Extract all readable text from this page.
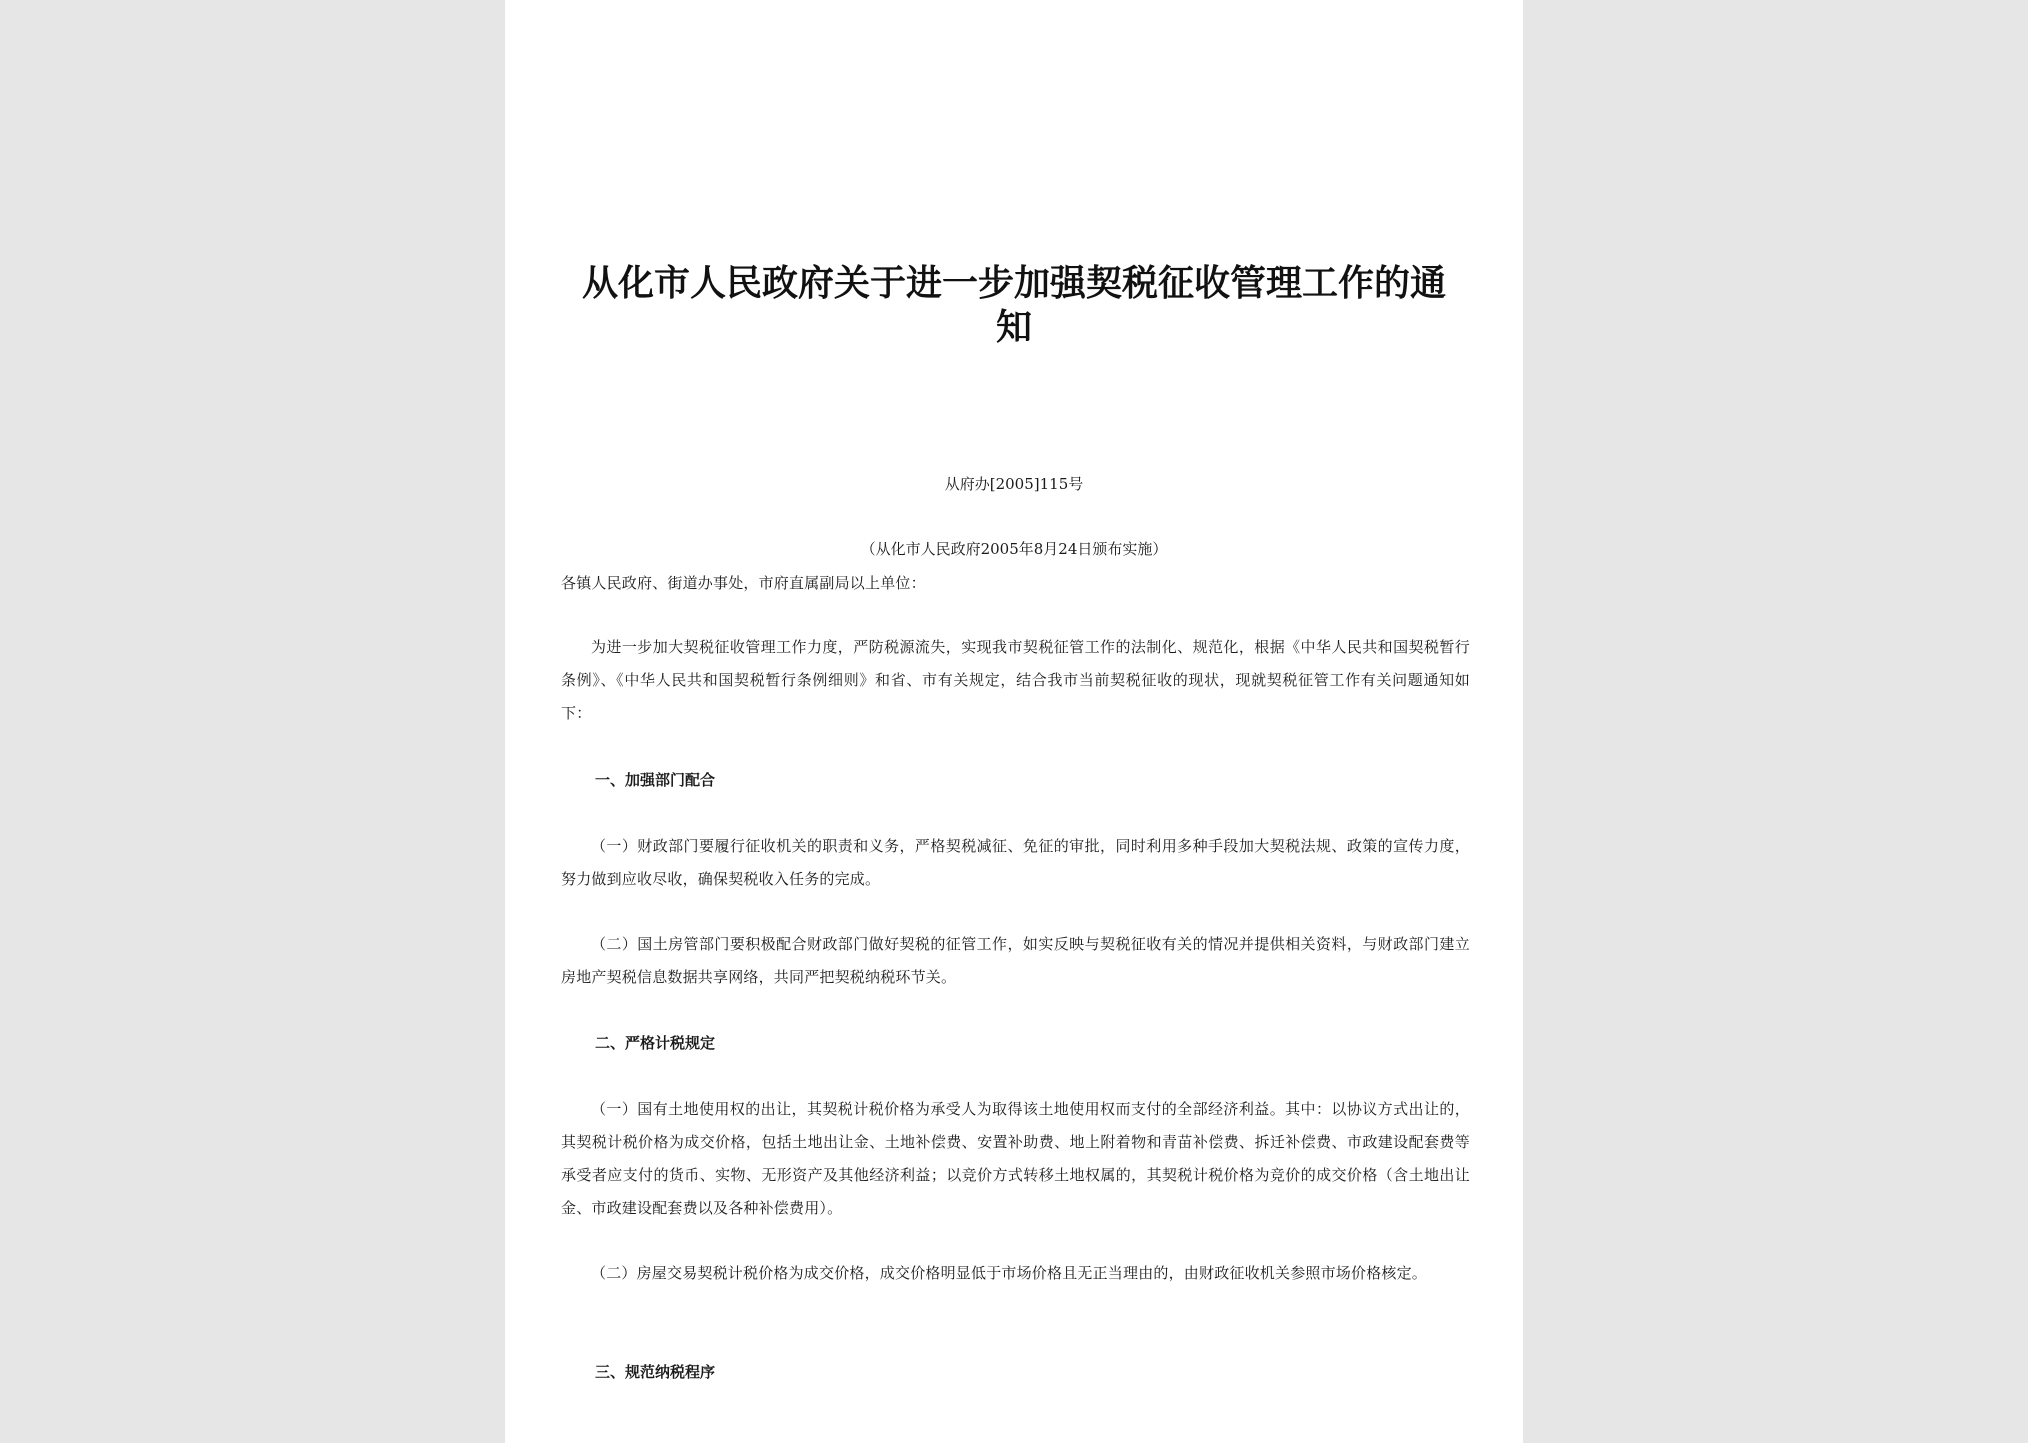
从化市人民政府关于进一步加强契税征收管理工作的通知
从府办[2005]115号
（从化市人民政府2005年8月24日颁布实施）

各镇人民政府、街道办事处，市府直属副局以上单位：

为进一步加大契税征收管理工作力度，严防税源流失，实现我市契税征管工作的法制化、规范化，根据《中华人民共和国契税暂行条例》、《中华人民共和国契税暂行条例细则》和省、市有关规定，结合我市当前契税征收的现状，现就契税征管工作有关问题通知如下：

一、加强部门配合

（一）财政部门要履行征收机关的职责和义务，严格契税减征、免征的审批，同时利用多种手段加大契税法规、政策的宣传力度，努力做到应收尽收，确保契税收入任务的完成。

（二）国土房管部门要积极配合财政部门做好契税的征管工作，如实反映与契税征收有关的情况并提供相关资料，与财政部门建立房地产契税信息数据共享网络，共同严把契税纳税环节关。

二、严格计税规定

（一）国有土地使用权的出让，其契税计税价格为承受人为取得该土地使用权而支付的全部经济利益。其中：以协议方式出让的，其契税计税价格为成交价格，包括土地出让金、土地补偿费、安置补助费、地上附着物和青苗补偿费、拆迁补偿费、市政建设配套费等承受者应支付的货币、实物、无形资产及其他经济利益；以竞价方式转移土地权属的，其契税计税价格为竞价的成交价格（含土地出让金、市政建设配套费以及各种补偿费用）。

（二）房屋交易契税计税价格为成交价格，成交价格明显低于市场价格且无正当理由的，由财政征收机关参照市场价格核定。

三、规范纳税程序
